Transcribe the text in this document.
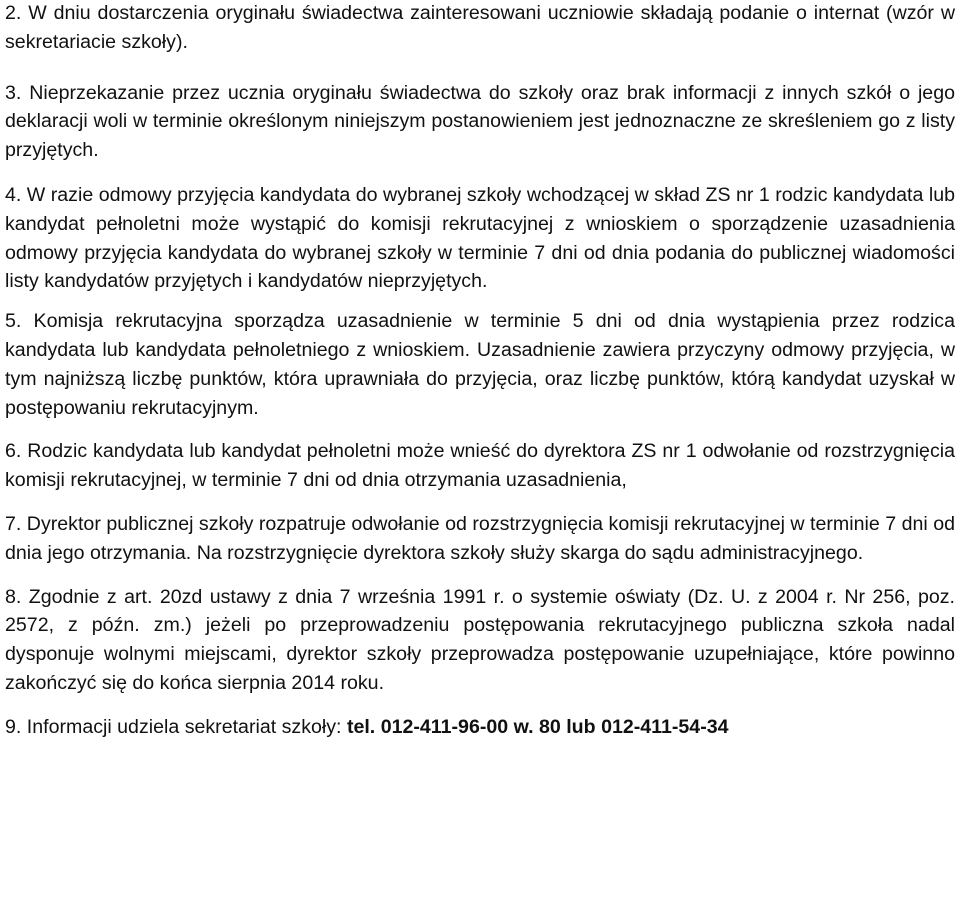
2. W dniu dostarczenia oryginału świadectwa zainteresowani uczniowie składają podanie o internat (wzór w sekretariacie szkoły).

3. Nieprzekazanie przez ucznia oryginału świadectwa do szkoły oraz brak informacji z innych szkół o jego deklaracji woli w terminie określonym niniejszym postanowieniem jest jednoznaczne ze skreśleniem go z listy przyjętych.

4. W razie odmowy przyjęcia kandydata do wybranej szkoły wchodzącej w skład ZS nr 1 rodzic kandydata lub kandydat pełnoletni może wystąpić do komisji rekrutacyjnej z wnioskiem o sporządzenie uzasadnienia odmowy przyjęcia kandydata do wybranej szkoły w terminie 7 dni od dnia podania do publicznej wiadomości listy kandydatów przyjętych i kandydatów nieprzyjętych.

5. Komisja rekrutacyjna sporządza uzasadnienie w terminie 5 dni od dnia wystąpienia przez rodzica kandydata lub kandydata pełnoletniego z wnioskiem. Uzasadnienie zawiera przyczyny odmowy przyjęcia, w tym najniższą liczbę punktów, która uprawniała do przyjęcia, oraz liczbę punktów, którą kandydat uzyskał w postępowaniu rekrutacyjnym.

6. Rodzic kandydata lub kandydat pełnoletni może wnieść do dyrektora ZS nr 1 odwołanie od rozstrzygnięcia komisji rekrutacyjnej, w terminie 7 dni od dnia otrzymania uzasadnienia,

7. Dyrektor publicznej szkoły rozpatruje odwołanie od rozstrzygnięcia komisji rekrutacyjnej w terminie 7 dni od dnia jego otrzymania. Na rozstrzygnięcie dyrektora szkoły służy skarga do sądu administracyjnego.

8. Zgodnie z art. 20zd ustawy z dnia 7 września 1991 r. o systemie oświaty (Dz. U. z 2004 r. Nr 256, poz. 2572, z późn. zm.) jeżeli po przeprowadzeniu postępowania rekrutacyjnego publiczna szkoła nadal dysponuje wolnymi miejscami, dyrektor szkoły przeprowadza postępowanie uzupełniające, które powinno zakończyć się do końca sierpnia 2014 roku.

9. Informacji udziela sekretariat szkoły: tel. 012-411-96-00 w. 80 lub 012-411-54-34
